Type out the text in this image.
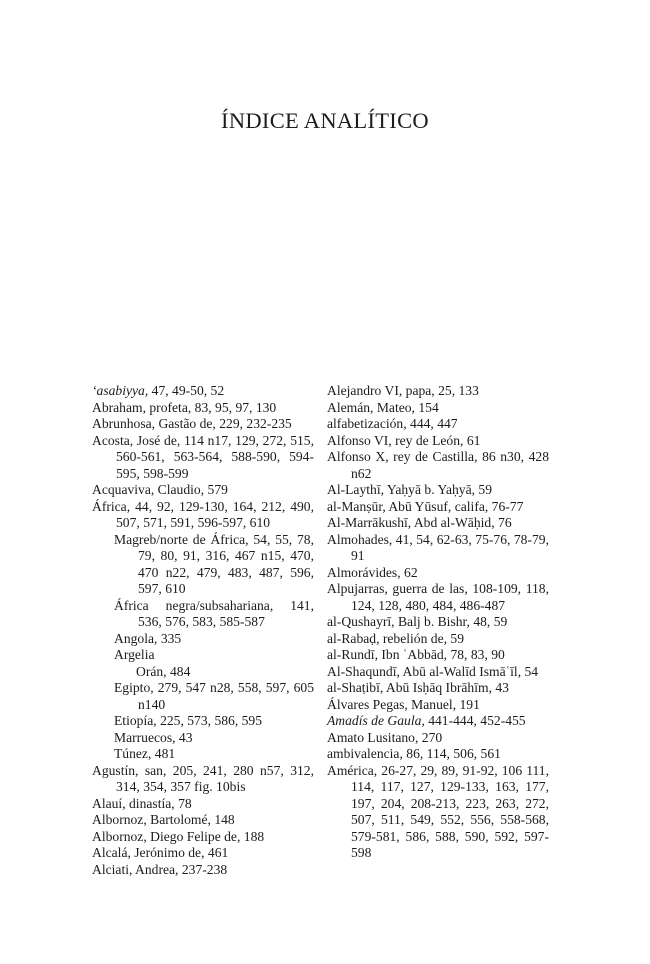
ÍNDICE ANALÍTICO

‘asabiyya, 47, 49-50, 52

Abraham, profeta, 83, 95, 97, 130

Abrunhosa, Gastão de, 229, 232-235

Acosta, José de, 114 n17, 129, 272, 515, 560-561, 563-564, 588-590, 594-595, 598-599

Acquaviva, Claudio, 579

África, 44, 92, 129-130, 164, 212, 490, 507, 571, 591, 596-597, 610

Magreb/norte de África, 54, 55, 78, 79, 80, 91, 316, 467 n15, 470, 470 n22, 479, 483, 487, 596, 597, 610

África negra/subsahariana, 141, 536, 576, 583, 585-587

Angola, 335

Argelia

Orán, 484

Egipto, 279, 547 n28, 558, 597, 605 n140

Etiopía, 225, 573, 586, 595

Marruecos, 43

Túnez, 481

Agustín, san, 205, 241, 280 n57, 312, 314, 354, 357 fig. 10bis

Alauí, dinastía, 78

Albornoz, Bartolomé, 148

Albornoz, Diego Felipe de, 188

Alcalá, Jerónimo de, 461

Alciati, Andrea, 237-238

Alejandro VI, papa, 25, 133

Alemán, Mateo, 154

alfabetización, 444, 447

Alfonso VI, rey de León, 61

Alfonso X, rey de Castilla, 86 n30, 428 n62

Al-Laythī, Yaḥyā b. Yaḥyā, 59

al-Manṣūr, Abū Yūsuf, califa, 76-77

Al-Marrākushī, Abd al-Wāḥid, 76

Almohades, 41, 54, 62-63, 75-76, 78-79, 91

Almorávides, 62

Alpujarras, guerra de las, 108-109, 118, 124, 128, 480, 484, 486-487

al-Qushayrī, Balj b. Bishr, 48, 59

al-Rabaḍ, rebelión de, 59

al-Rundī, Ibn ʿAbbād, 78, 83, 90

Al-Shaqundī, Abū al-Walīd Ismāʿīl, 54

al-Shaṭibī, Abū Isḥāq Ibrāhīm, 43

Álvares Pegas, Manuel, 191

Amadís de Gaula, 441-444, 452-455

Amato Lusitano, 270

ambivalencia, 86, 114, 506, 561

América, 26-27, 29, 89, 91-92, 106 111, 114, 117, 127, 129-133, 163, 177, 197, 204, 208-213, 223, 263, 272, 507, 511, 549, 552, 556, 558-568, 579-581, 586, 588, 590, 592, 597-598
